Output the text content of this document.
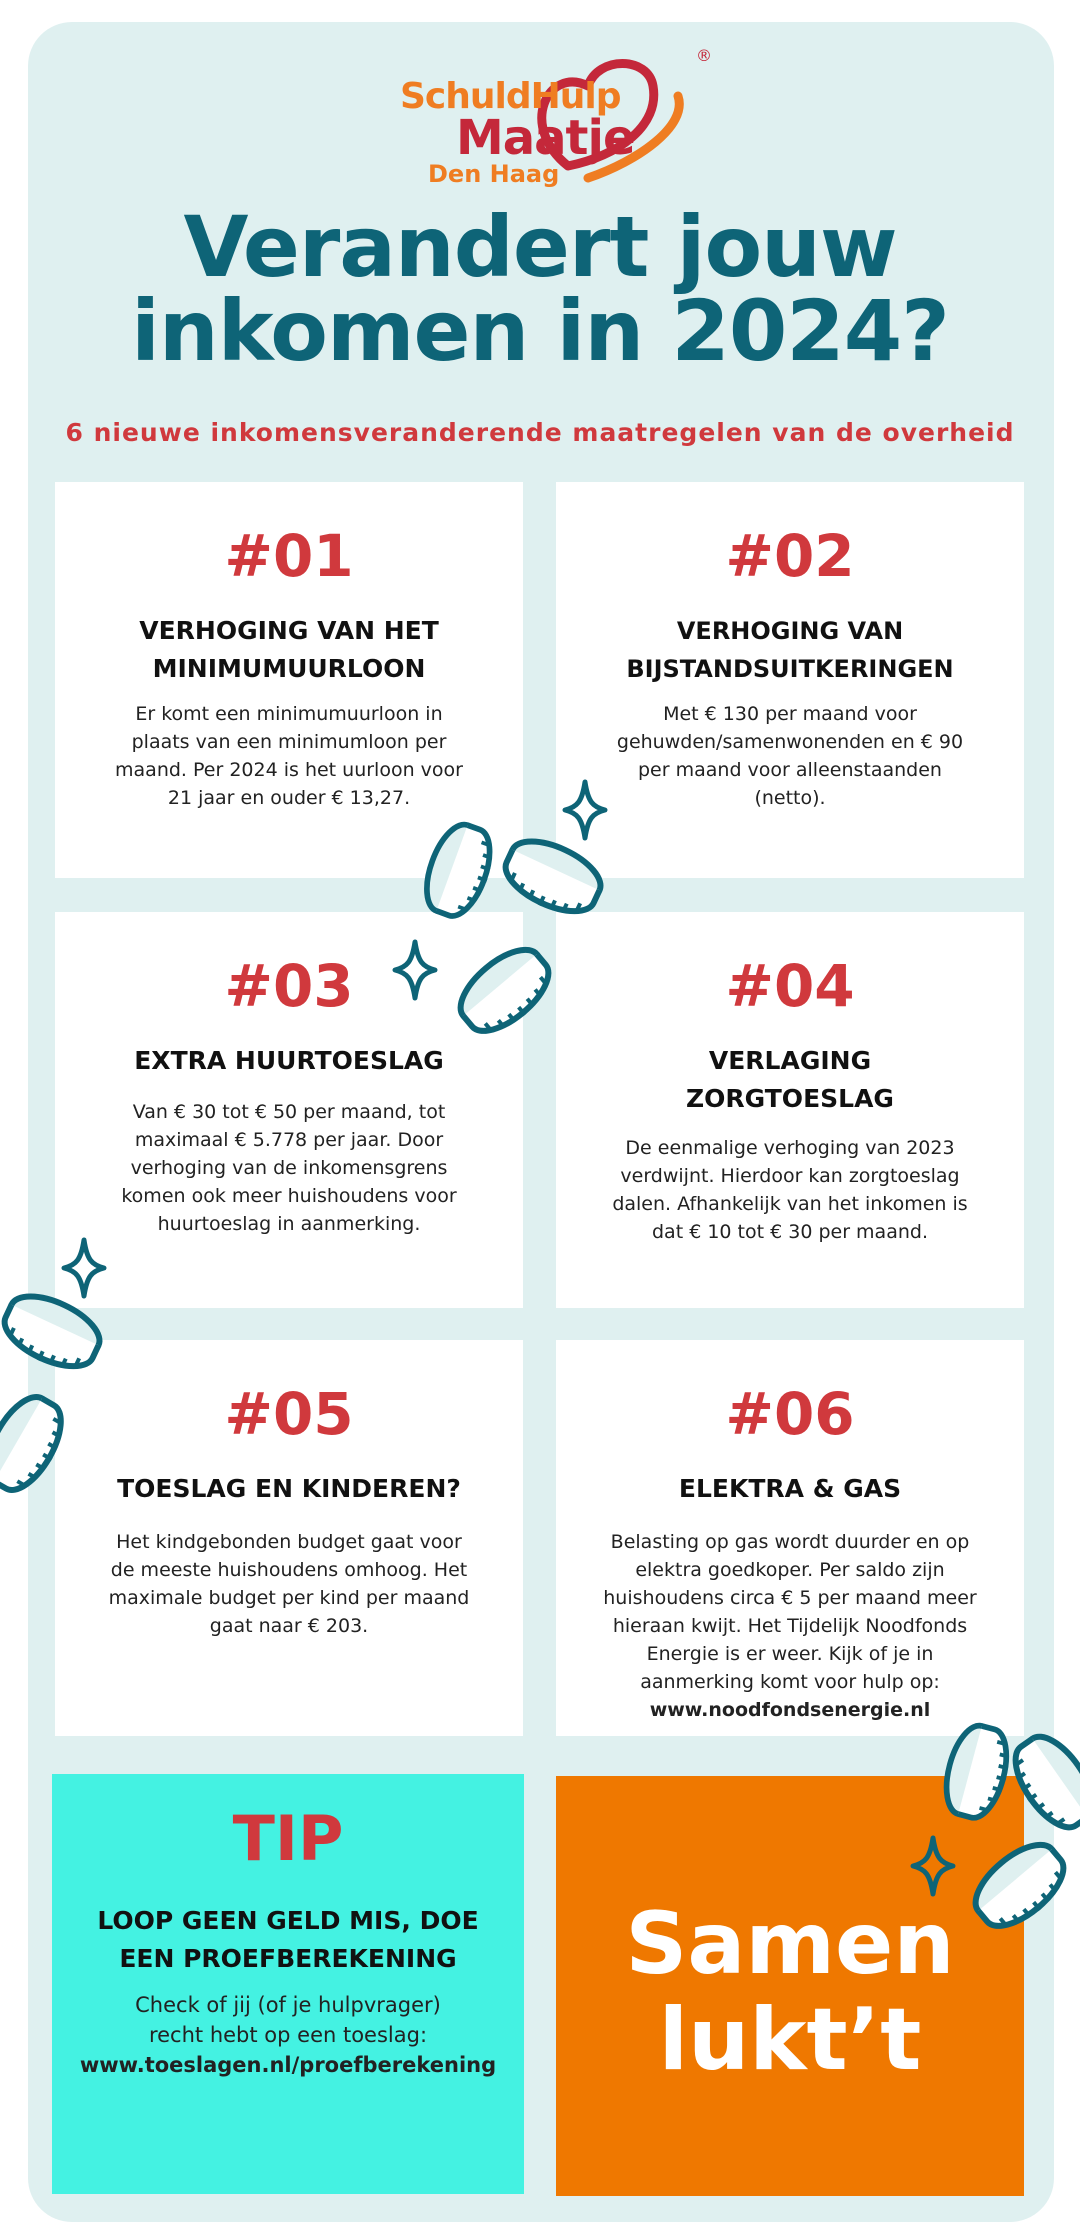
SchuldHulp
Maatje
Den Haag
®
Verandert jouw
inkomen in 2024?
6 nieuwe inkomensveranderende maatregelen van de overheid
#01
VERHOGING VAN HET MINIMUMUURLOON
Er komt een minimumuurloon in plaats van een minimumloon per maand. Per 2024 is het uurloon voor 21 jaar en ouder € 13,27.
#02
VERHOGING VAN BIJSTANDSUITKERINGEN
Met € 130 per maand voor gehuwden/samenwonenden en € 90 per maand voor alleenstaanden (netto).
#03
EXTRA HUURTOESLAG
Van € 30 tot € 50 per maand, tot maximaal € 5.778 per jaar. Door verhoging van de inkomensgrens komen ook meer huishoudens voor huurtoeslag in aanmerking.
#04
VERLAGING ZORGTOESLAG
De eenmalige verhoging van 2023 verdwijnt. Hierdoor kan zorgtoeslag dalen. Afhankelijk van het inkomen is dat € 10 tot € 30 per maand.
#05
TOESLAG EN KINDEREN?
Het kindgebonden budget gaat voor de meeste huishoudens omhoog. Het maximale budget per kind per maand gaat naar € 203.
#06
ELEKTRA & GAS
Belasting op gas wordt duurder en op elektra goedkoper. Per saldo zijn huishoudens circa € 5 per maand meer hieraan kwijt. Het Tijdelijk Noodfonds Energie is er weer. Kijk of je in aanmerking komt voor hulp op:
www.noodfondsenergie.nl
TIP
LOOP GEEN GELD MIS, DOE EEN PROEFBEREKENING
Check of jij (of je hulpvrager) recht hebt op een toeslag:
www.toeslagen.nl/proefberekening
Samen
lukt’t
